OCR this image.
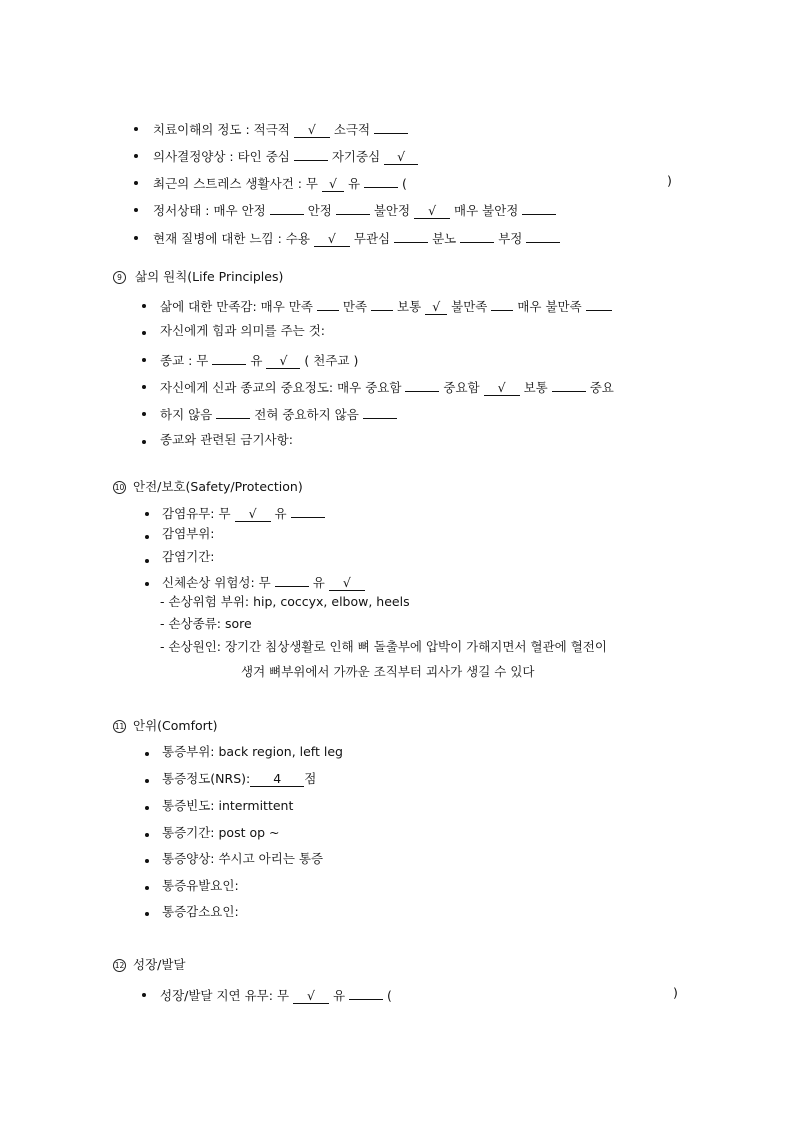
치료이해의 정도 : 적극적 √ 소극적
의사결정양상 : 타인 중심	자기중심 √
최근의 스트레스 생활사건 : 무 √ 유	(	)
정서상태 : 매우 안정	안정	불안정 √ 매우 불안정
현재 질병에 대한 느낌 : 수용 √ 무관심	분노	부정
9	삶의 원칙(Life Principles)
삶에 대한 만족감: 매우 만족 만족 보통 √ 불만족 매우 불만족
자신에게 힘과 의미를 주는 것:
종교 : 무	유 √ ( 천주교 )
자신에게 신과 종교의 중요정도: 매우 중요함	중요함 √ 보통	중요
하지 않음	전혀 중요하지 않음
종교와 관련된 금기사항:
10 안전/보호(Safety/Protection)
감염유무: 무 √ 유
감염부위:
감염기간:
신체손상 위험성: 무	유 √
- 손상위험 부위: hip, coccyx, elbow, heels
- 손상종류: sore
- 손상원인: 장기간 침상생활로 인해 뼈 돌출부에 압박이 가해지면서 혈관에 혈전이
생겨 뼈부위에서 가까운 조직부터 괴사가 생길 수 있다
11 안위(Comfort)
통증부위: back region, left leg
통증정도(NRS): 4 점
통증빈도: intermittent
통증기간: post op ~
통증양상: 쑤시고 아리는 통증
통증유발요인:
통증감소요인:
12 성장/발달
성장/발달 지연 유무: 무 √ 유	(	)
